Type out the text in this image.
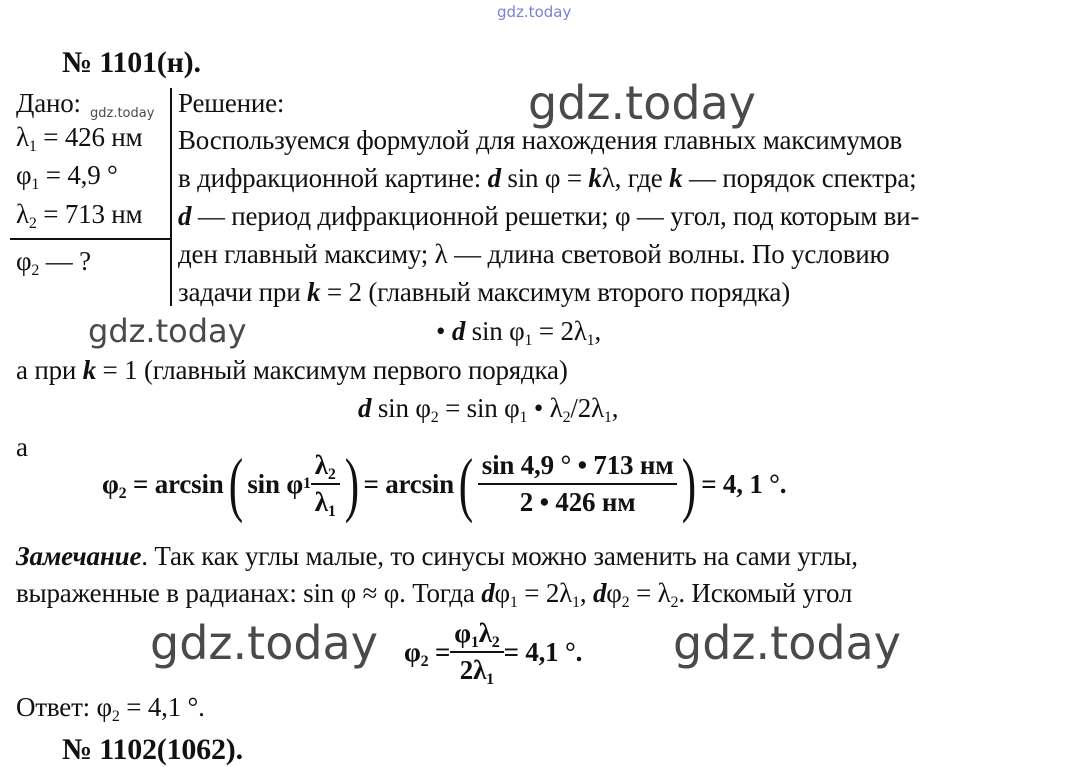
gdz.today
gdz.today
gdz.today
gdz.today	gdz.today
gdz.today
№ 1101(н).
Дано:
$\lambda_1 = 426$ нм
$\varphi_1 = 4,9$ °
$\lambda_2 = 713$ нм
$\varphi_2$ — ?
Решение:
Воспользуемся формулой для нахождения главных максимумов
в дифракционной картине: d sin φ = kλ, где k — порядок спектра;
d — период дифракционной решетки; φ — угол, под которым ви-
ден главный максиму; λ — длина световой волны. По условию
задачи при k = 2 (главный максимум второго порядка)
• d $\sin \varphi_1 = 2\lambda_1$,
а при k = 1 (главный максимум первого порядка)
d $\sin \varphi_2 = \sin \varphi_1$ • $\lambda_2/2\lambda_1$,
а
$\varphi_2 = \arcsin$ ( sin φ $1 \frac{\lambda_2}{\lambda_1}$ ) = arcsin ( $\frac{\sin 4,9 ^\circ • 713 нм}{2 • 426 нм}$ ) = 4, 1 °.
Замечание. Так как углы малые, то синусы можно заменить на сами углы,
выраженные в радианах: sin φ ≈ φ. Тогда $d\varphi_1 = 2\lambda_1$, $d\varphi_2 = \lambda_2$. Искомый угол
$\varphi_2 = \frac{\varphi_1\lambda_2}{2\lambda_1} = 4,1$ °.
Ответ: $\varphi_2 = 4,1$ °.
№ 1102(1062).
